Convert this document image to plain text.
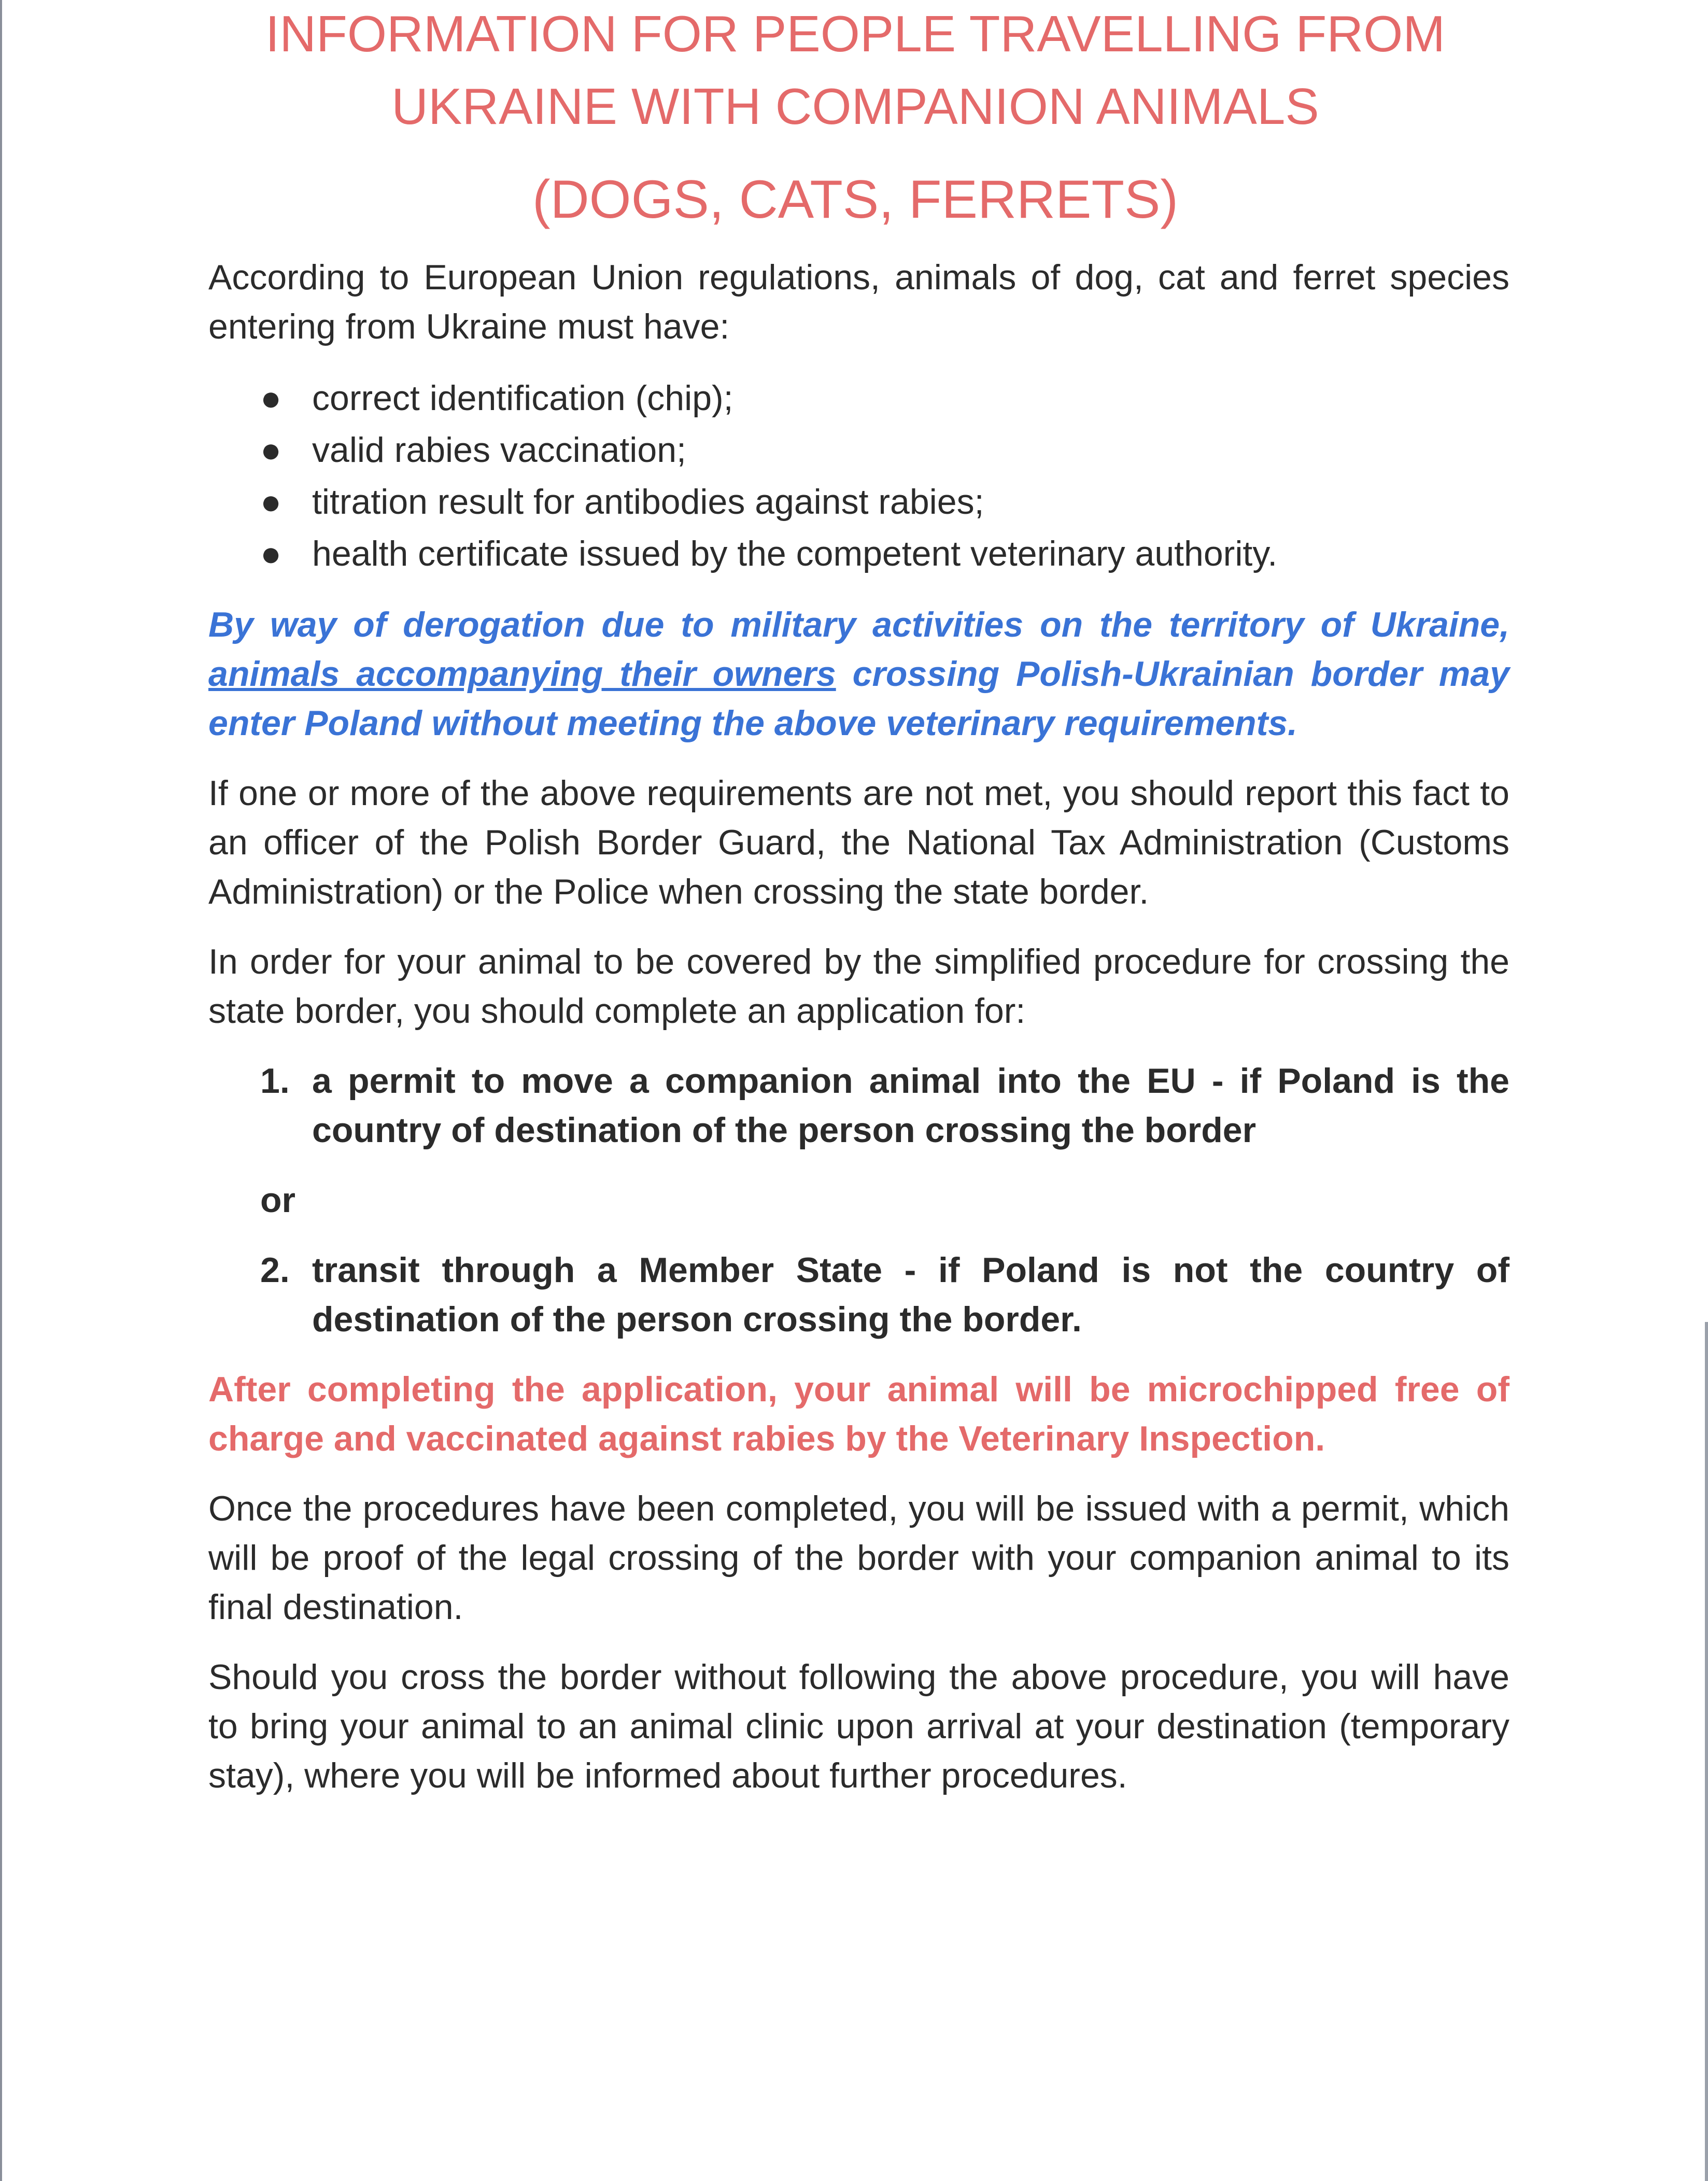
INFORMATION FOR PEOPLE TRAVELLING FROM
UKRAINE WITH COMPANION ANIMALS
(DOGS, CATS, FERRETS)

According to European Union regulations, animals of dog, cat and ferret species entering from Ukraine must have:

● correct identification (chip);
● valid rabies vaccination;
● titration result for antibodies against rabies;
● health certificate issued by the competent veterinary authority.

By way of derogation due to military activities on the territory of Ukraine, animals accompanying their owners crossing Polish-Ukrainian border may enter Poland without meeting the above veterinary requirements.

If one or more of the above requirements are not met, you should report this fact to an officer of the Polish Border Guard, the National Tax Administration (Customs Administration) or the Police when crossing the state border.

In order for your animal to be covered by the simplified procedure for crossing the state border, you should complete an application for:

1. a permit to move a companion animal into the EU - if Poland is the country of destination of the person crossing the border

or

2. transit through a Member State - if Poland is not the country of destination of the person crossing the border.

After completing the application, your animal will be microchipped free of charge and vaccinated against rabies by the Veterinary Inspection.

Once the procedures have been completed, you will be issued with a permit, which will be proof of the legal crossing of the border with your companion animal to its final destination.

Should you cross the border without following the above procedure, you will have to bring your animal to an animal clinic upon arrival at your destination (temporary stay), where you will be informed about further procedures.
